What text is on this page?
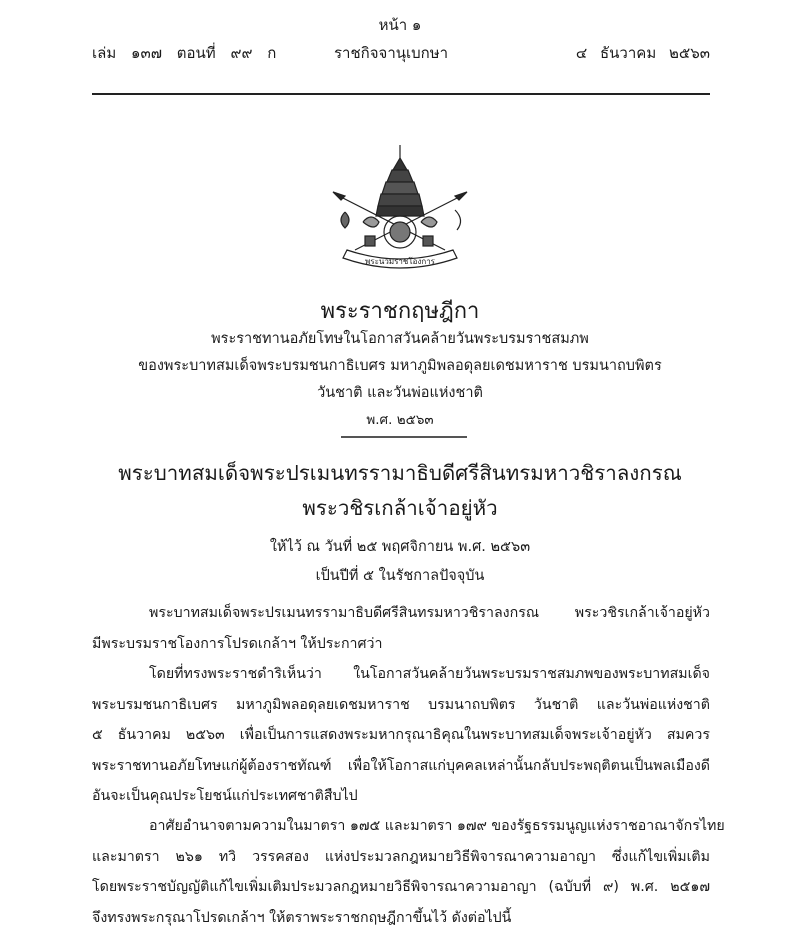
หน้า ๑
เล่ม ๑๓๗ ตอนที่ ๙๙ ก	ราชกิจจานุเบกษา	๔ ธันวาคม ๒๕๖๓
พระนวมราชโองการ
พระราชกฤษฎีกา
พระราชทานอภัยโทษในโอกาสวันคล้ายวันพระบรมราชสมภพ
ของพระบาทสมเด็จพระบรมชนกาธิเบศร มหาภูมิพลอดุลยเดชมหาราช บรมนาถบพิตร
วันชาติ และวันพ่อแห่งชาติ
พ.ศ. ๒๕๖๓
พระบาทสมเด็จพระปรเมนทรรามาธิบดีศรีสินทรมหาวชิราลงกรณ
พระวชิรเกล้าเจ้าอยู่หัว
ให้ไว้ ณ วันที่ ๒๕ พฤศจิกายน พ.ศ. ๒๕๖๓
เป็นปีที่ ๕ ในรัชกาลปัจจุบัน
พระบาทสมเด็จพระปรเมนทรรามาธิบดีศรีสินทรมหาวชิราลงกรณ พระวชิรเกล้าเจ้าอยู่หัว
มีพระบรมราชโองการโปรดเกล้าฯ ให้ประกาศว่า
โดยที่ทรงพระราชดำริเห็นว่า ในโอกาสวันคล้ายวันพระบรมราชสมภพของพระบาทสมเด็จ
พระบรมชนกาธิเบศร มหาภูมิพลอดุลยเดชมหาราช บรมนาถบพิตร วันชาติ และวันพ่อแห่งชาติ
๕ ธันวาคม ๒๕๖๓ เพื่อเป็นการแสดงพระมหากรุณาธิคุณในพระบาทสมเด็จพระเจ้าอยู่หัว สมควร
พระราชทานอภัยโทษแก่ผู้ต้องราชทัณฑ์ เพื่อให้โอกาสแก่บุคคลเหล่านั้นกลับประพฤติตนเป็นพลเมืองดี
อันจะเป็นคุณประโยชน์แก่ประเทศชาติสืบไป
อาศัยอำนาจตามความในมาตรา ๑๗๕ และมาตรา ๑๗๙ ของรัฐธรรมนูญแห่งราชอาณาจักรไทย
และมาตรา ๒๖๑ ทวิ วรรคสอง แห่งประมวลกฎหมายวิธีพิจารณาความอาญา ซึ่งแก้ไขเพิ่มเติม
โดยพระราชบัญญัติแก้ไขเพิ่มเติมประมวลกฎหมายวิธีพิจารณาความอาญา (ฉบับที่ ๙) พ.ศ. ๒๕๑๗
จึงทรงพระกรุณาโปรดเกล้าฯ ให้ตราพระราชกฤษฎีกาขึ้นไว้ ดังต่อไปนี้
